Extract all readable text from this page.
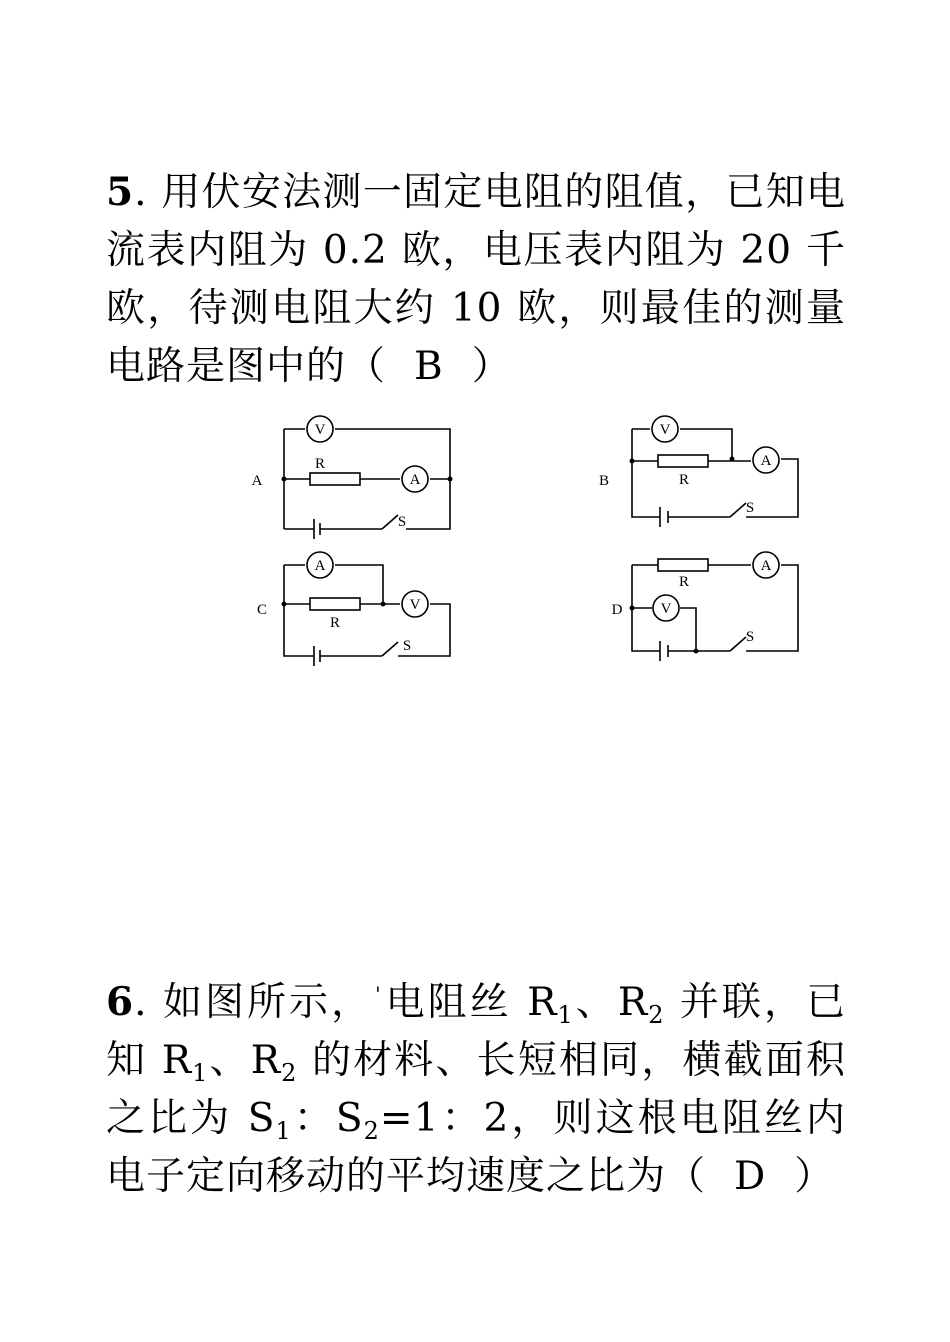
5. 用伏安法测一固定电阻的阻值，已知电流表内阻为 0.2 欧，电压表内阻为 20 千欧，待测电阻大约 10 欧，则最佳的测量电路是图中的（ B ）
A	B
C	D
V
A
R
S
V
A
R
S
A
V
R
S
A
R
V
S
6. 如图所示， '电阻丝 $R_1$、$R_2$ 并联，已知 $R_1$、$R_2$ 的材料、长短相同，横截面积之比为 $S_1$：$S_2=1$：2，则这根电阻丝内电子定向移动的平均速度之比为（ D ）
